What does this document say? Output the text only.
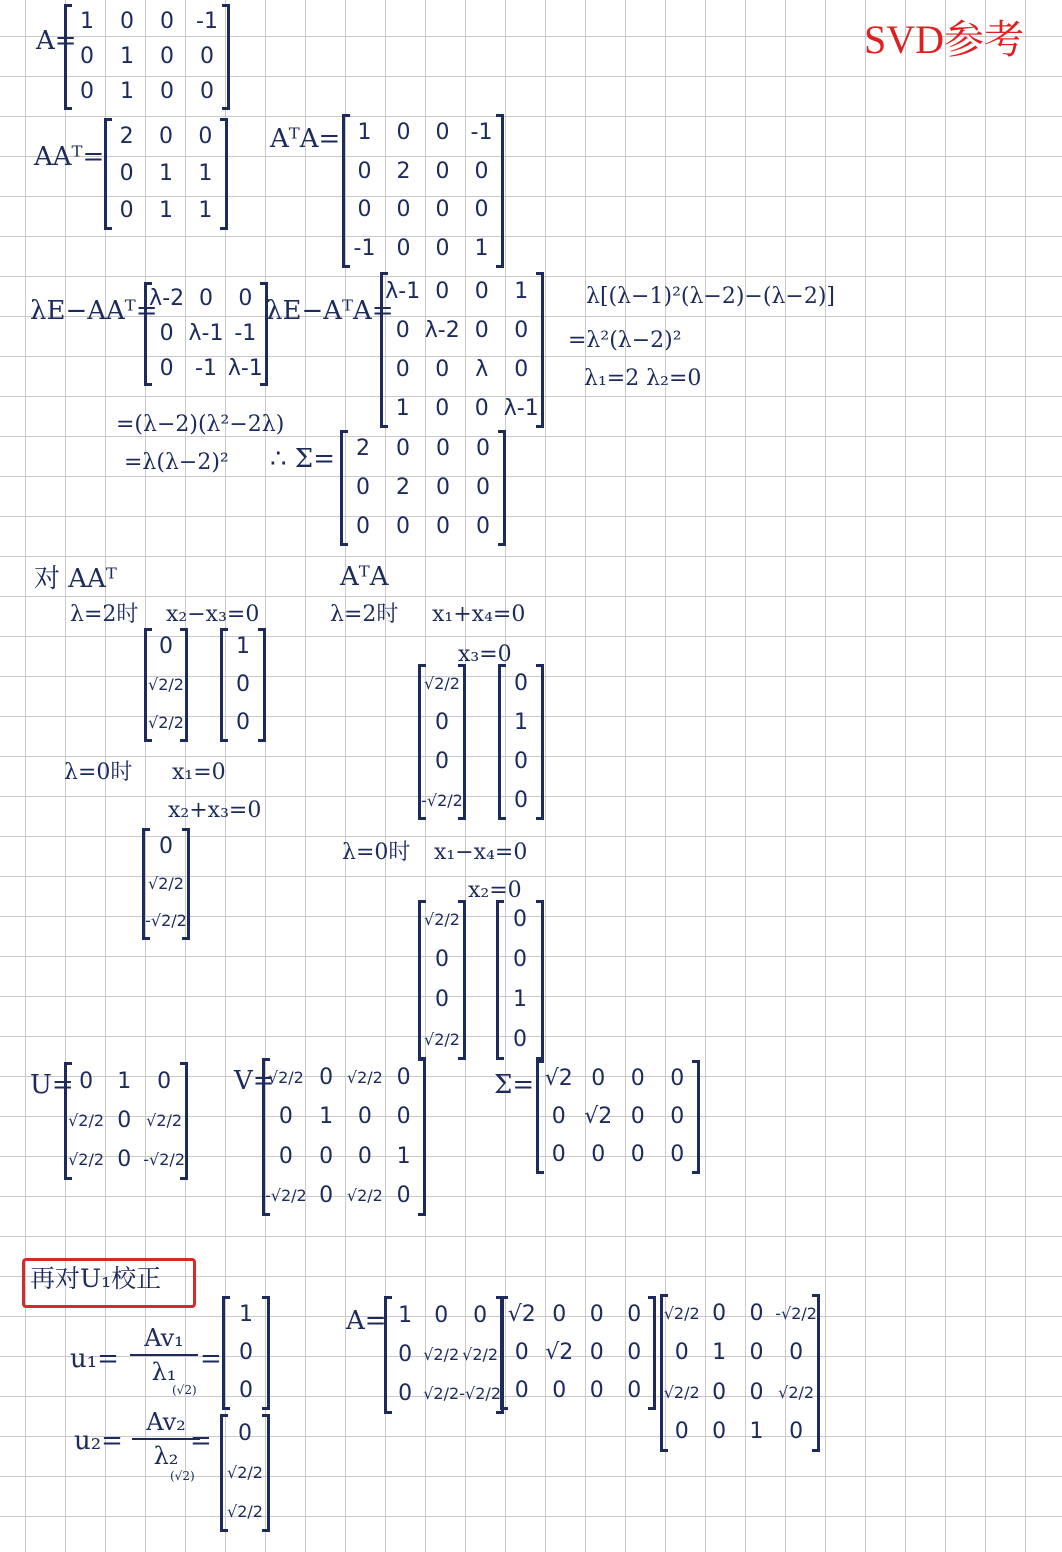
SVD参考
A=
1 0 0 -1
0 1 0 0
0 1 0 0
AAᵀ=
2 0 0
0 1 1
0 1 1
AᵀA= 1 0 0 -1
0 2 0 0
0 0 0 0
-1 0 0 1
λE−AAᵀ=
λ-2 0 0
0 λ-1 -1
0 -1 λ-1
λE−AᵀA=
λ-1 0 0 1
0 λ-2 0 0
0 0 λ 0
1 0 0 λ-1
λ[(λ−1)²(λ−2)−(λ−2)]
=λ²(λ−2)²
λ₁=2 λ₂=0
=(λ−2)(λ²−2λ)
=λ(λ−2)² ∴ Σ= 2 0 0 0
0 2 0 0
0 0 0 0
对 AAᵀ	AᵀA
λ=2时 x₂−x₃=0
0
√2/2
√2/2
1
0
0
λ=0时 x₁=0
x₂+x₃=0
0
√2/2
-√2/2
λ=2时 x₁+x₄=0
x₃=0
√2/2
0
0
-√2/2
0
1
0
0
λ=0时 x₁−x₄=0
x₂=0
√2/2
0
0
√2/2
0
0
1
0
U= 0 1 0
√2/2 0 √2/2
√2/2 0 -√2/2
V=
√2/2 0 √2/2 0
0 1 0 0
0 0 0 1
-√2/2 0 √2/2 0
Σ= √2 0 0 0
0 √2 0 0
0 0 0 0
再对U₁校正
$u_1= \frac{\text{Av₁}}{\text{λ₁}}$
(√2)
=
1
0
0
$u_2= \frac{\text{Av₂}}{\text{λ₂}}$
(√2)
= 0
√2/2
√2/2
A= 1 0 0
0 √2/2 √2/2
0 √2/2 -√2/2
√2 0 0 0
0 √2 0 0
0 0 0 0
√2/2 0 0 -√2/2
0 1 0 0
√2/2 0 0 √2/2
0 0 1 0
